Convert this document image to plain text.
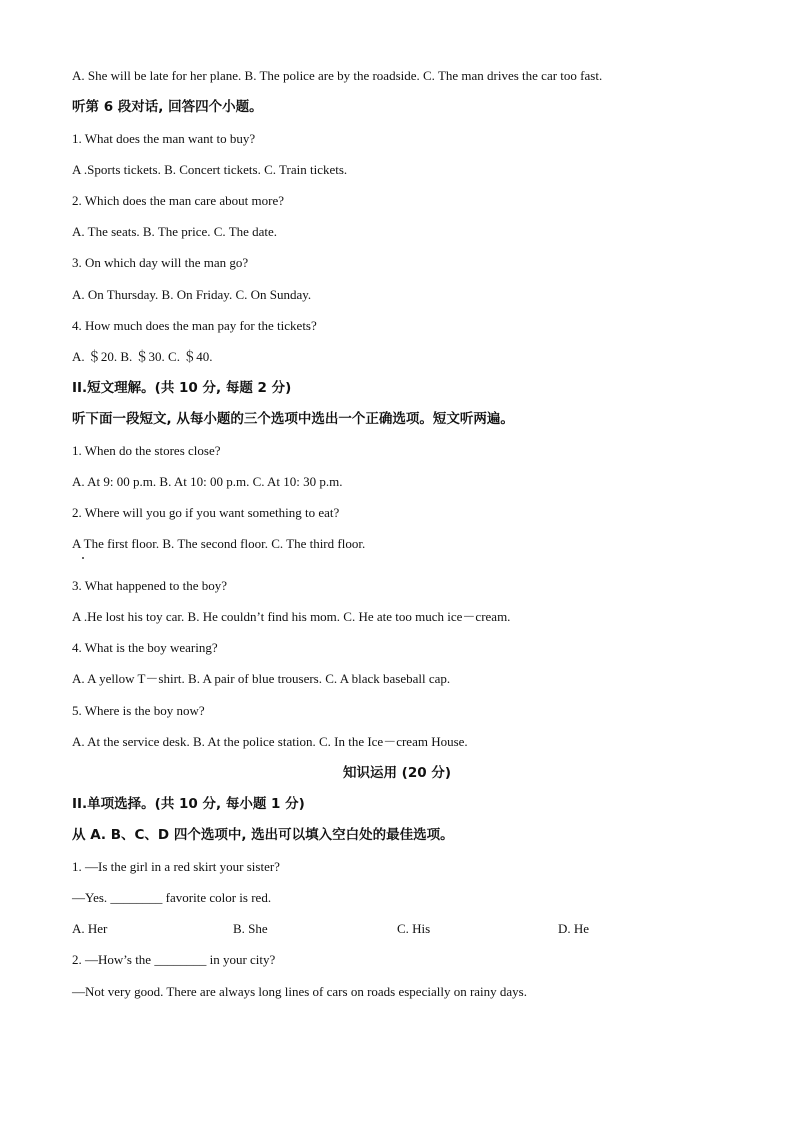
A. She will be late for her plane. B. The police are by the roadside. C. The man drives the car too fast.
听第 6 段对话, 回答四个小题。
1. What does the man want to buy?
A .Sports tickets. B. Concert tickets. C. Train tickets.
2. Which does the man care about more?
A. The seats. B. The price. C. The date.
3. On which day will the man go?
A. On Thursday. B. On Friday. C. On Sunday.
4. How much does the man pay for the tickets?
A. ＄20. B. ＄30. C. ＄40.
II.短文理解。(共 10 分, 每题 2 分)
听下面一段短文, 从每小题的三个选项中选出一个正确选项。短文听两遍。
1. When do the stores close?
A. At 9: 00 p.m. B. At 10: 00 p.m. C. At 10: 30 p.m.
2. Where will you go if you want something to eat?
A The first floor. B. The second floor. C. The third floor.
3. What happened to the boy?
A .He lost his toy car. B. He couldn’t find his mom. C. He ate too much ice－cream.
4. What is the boy wearing?
A. A yellow T－shirt. B. A pair of blue trousers. C. A black baseball cap.
5. Where is the boy now?
A. At the service desk. B. At the police station. C. In the Ice－cream House.
知识运用 (20 分)
II.单项选择。(共 10 分, 每小题 1 分)
从 A. B、C、D 四个选项中, 选出可以填入空白处的最佳选项。
1. —Is the girl in a red skirt your sister?
—Yes. ________ favorite color is red.
A. Her	B. She	C. His	D. He
2. —How’s the ________ in your city?
—Not very good. There are always long lines of cars on roads especially on rainy days.
